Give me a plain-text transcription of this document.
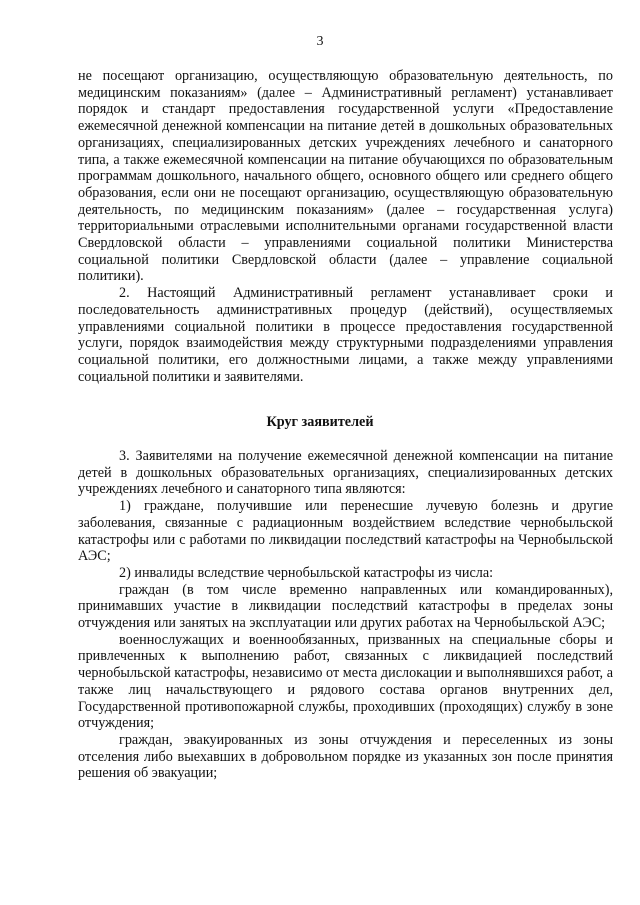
3

не посещают организацию, осуществляющую образовательную деятельность, по медицинским показаниям» (далее – Административный регламент) устанавливает порядок и стандарт предоставления государственной услуги «Предоставление ежемесячной денежной компенсации на питание детей в дошкольных образовательных организациях, специализированных детских учреждениях лечебного и санаторного типа, а также ежемесячной компенсации на питание обучающихся по образовательным программам дошкольного, начального общего, основного общего или среднего общего образования, если они не посещают организацию, осуществляющую образовательную деятельность, по медицинским показаниям» (далее – государственная услуга) территориальными отраслевыми исполнительными органами государственной власти Свердловской области – управлениями социальной политики Министерства социальной политики Свердловской области (далее – управление социальной политики).

2. Настоящий Административный регламент устанавливает сроки и последовательность административных процедур (действий), осуществляемых управлениями социальной политики в процессе предоставления государственной услуги, порядок взаимодействия между структурными подразделениями управления социальной политики, его должностными лицами, а также между управлениями социальной политики и заявителями.

Круг заявителей

3. Заявителями на получение ежемесячной денежной компенсации на питание детей в дошкольных образовательных организациях, специализированных детских учреждениях лечебного и санаторного типа являются:

1) граждане, получившие или перенесшие лучевую болезнь и другие заболевания, связанные с радиационным воздействием вследствие чернобыльской катастрофы или с работами по ликвидации последствий катастрофы на Чернобыльской АЭС;

2) инвалиды вследствие чернобыльской катастрофы из числа:

граждан (в том числе временно направленных или командированных), принимавших участие в ликвидации последствий катастрофы в пределах зоны отчуждения или занятых на эксплуатации или других работах на Чернобыльской АЭС;

военнослужащих и военнообязанных, призванных на специальные сборы и привлеченных к выполнению работ, связанных с ликвидацией последствий чернобыльской катастрофы, независимо от места дислокации и выполнявшихся работ, а также лиц начальствующего и рядового состава органов внутренних дел, Государственной противопожарной службы, проходивших (проходящих) службу в зоне отчуждения;

граждан, эвакуированных из зоны отчуждения и переселенных из зоны отселения либо выехавших в добровольном порядке из указанных зон после принятия решения об эвакуации;
